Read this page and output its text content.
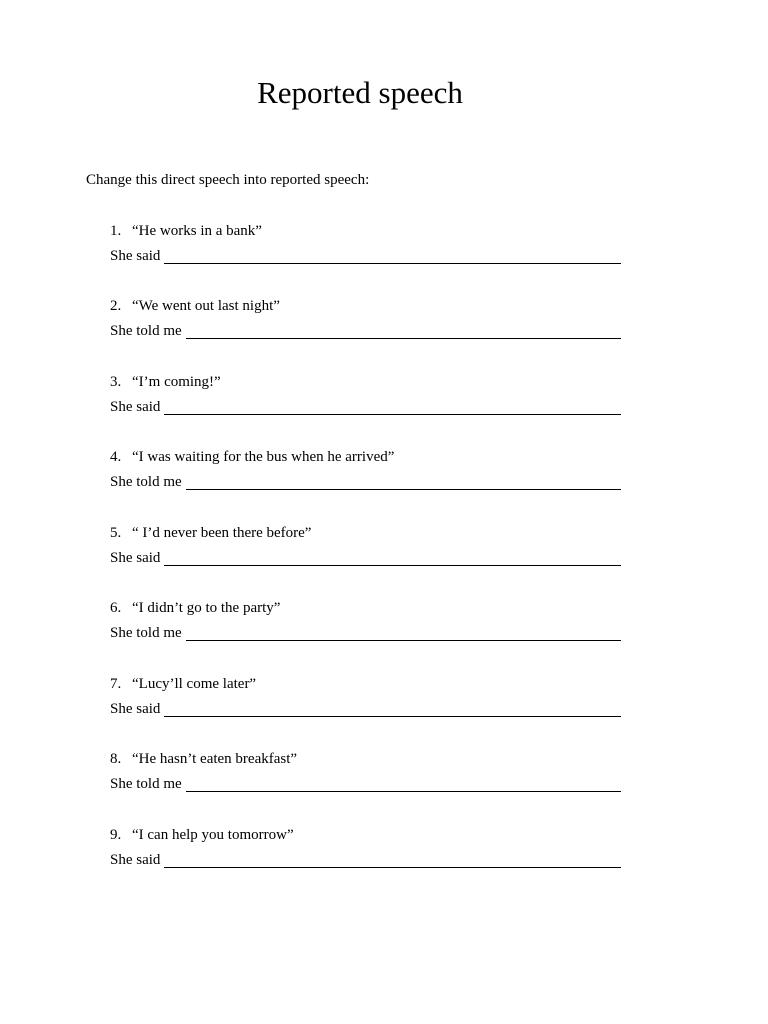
Reported speech

Change this direct speech into reported speech:

1. “He works in a bank”
She said
2. “We went out last night”
She told me
3. “I’m coming!”
She said
4. “I was waiting for the bus when he arrived”
She told me
5. “ I’d never been there before”
She said
6. “I didn’t go to the party”
She told me
7. “Lucy’ll come later”
She said
8. “He hasn’t eaten breakfast”
She told me
9. “I can help you tomorrow”
She said
